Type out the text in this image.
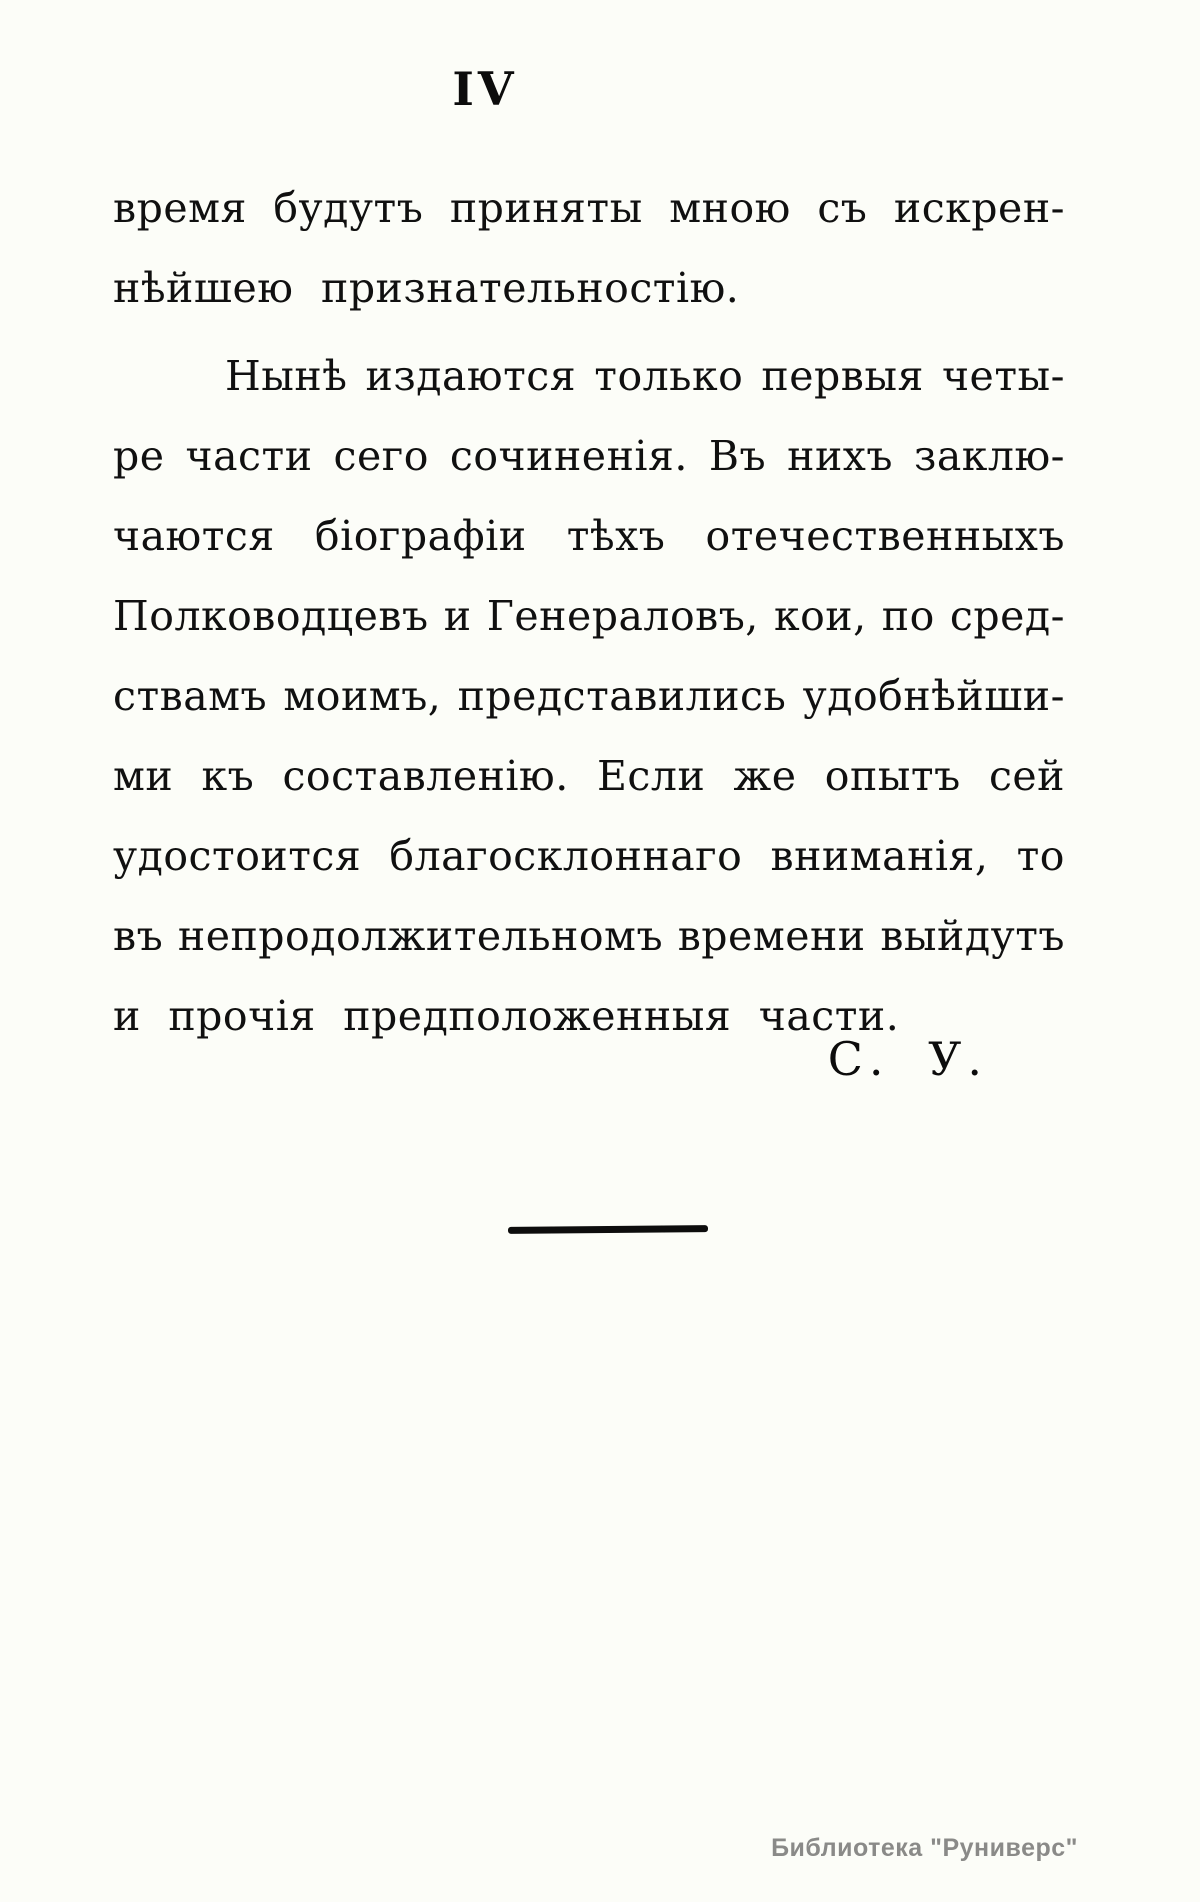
IV
время будутъ приняты мною съ искрен-
нѣйшею признательностію.
Нынѣ издаются только первыя четы-
ре части сего сочиненія. Въ нихъ заклю-
чаются біографіи тѣхъ отечественныхъ
Полководцевъ и Генераловъ, кои, по сред-
ствамъ моимъ, представились удобнѣйши-
ми къ составленію. Если же опытъ сей
удостоится благосклоннаго вниманія, то
въ непродолжительномъ времени выйдутъ
и прочія предположенныя части.
С. У.
Библиотека "Руниверс"
